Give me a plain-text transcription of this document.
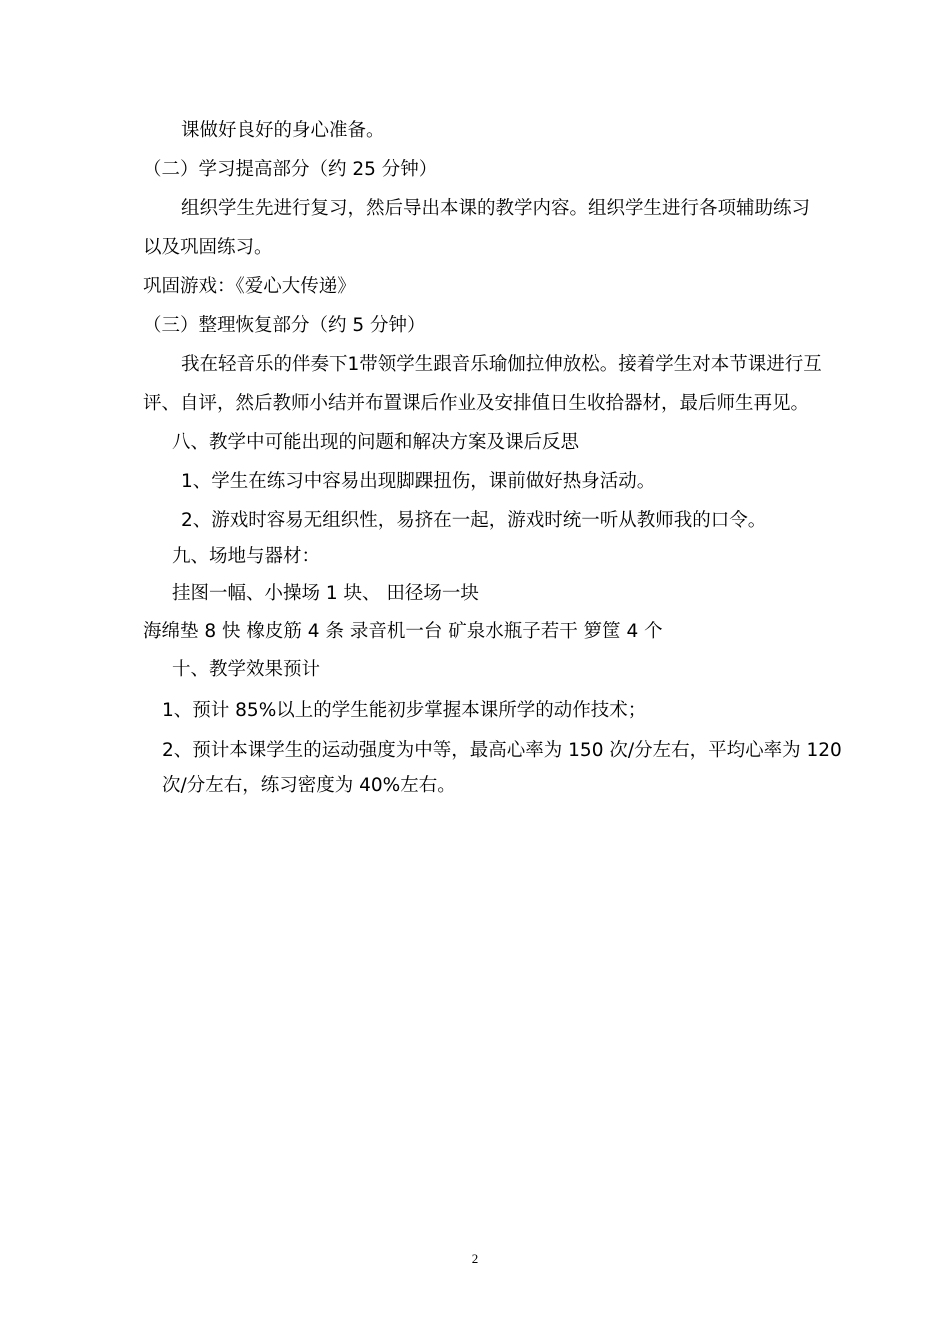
课做好良好的身心准备。
（二）学习提高部分（约 25 分钟）
组织学生先进行复习，然后导出本课的教学内容。组织学生进行各项辅助练习
以及巩固练习。
巩固游戏：《爱心大传递》
（三）整理恢复部分（约 5 分钟）
我在轻音乐的伴奏下1带领学生跟音乐瑜伽拉伸放松。接着学生对本节课进行互
评、自评，然后教师小结并布置课后作业及安排值日生收拾器材，最后师生再见。
八、教学中可能出现的问题和解决方案及课后反思
1、学生在练习中容易出现脚踝扭伤，课前做好热身活动。
2、游戏时容易无组织性，易挤在一起，游戏时统一听从教师我的口令。
九、场地与器材：
挂图一幅、小操场 1 块、 田径场一块
海绵垫 8 快 橡皮筋 4 条 录音机一台 矿泉水瓶子若干 箩筐 4 个
十、教学效果预计
1、预计 85%以上的学生能初步掌握本课所学的动作技术；
2、预计本课学生的运动强度为中等，最高心率为 150 次/分左右，平均心率为 120
次/分左右，练习密度为 40%左右。
2
